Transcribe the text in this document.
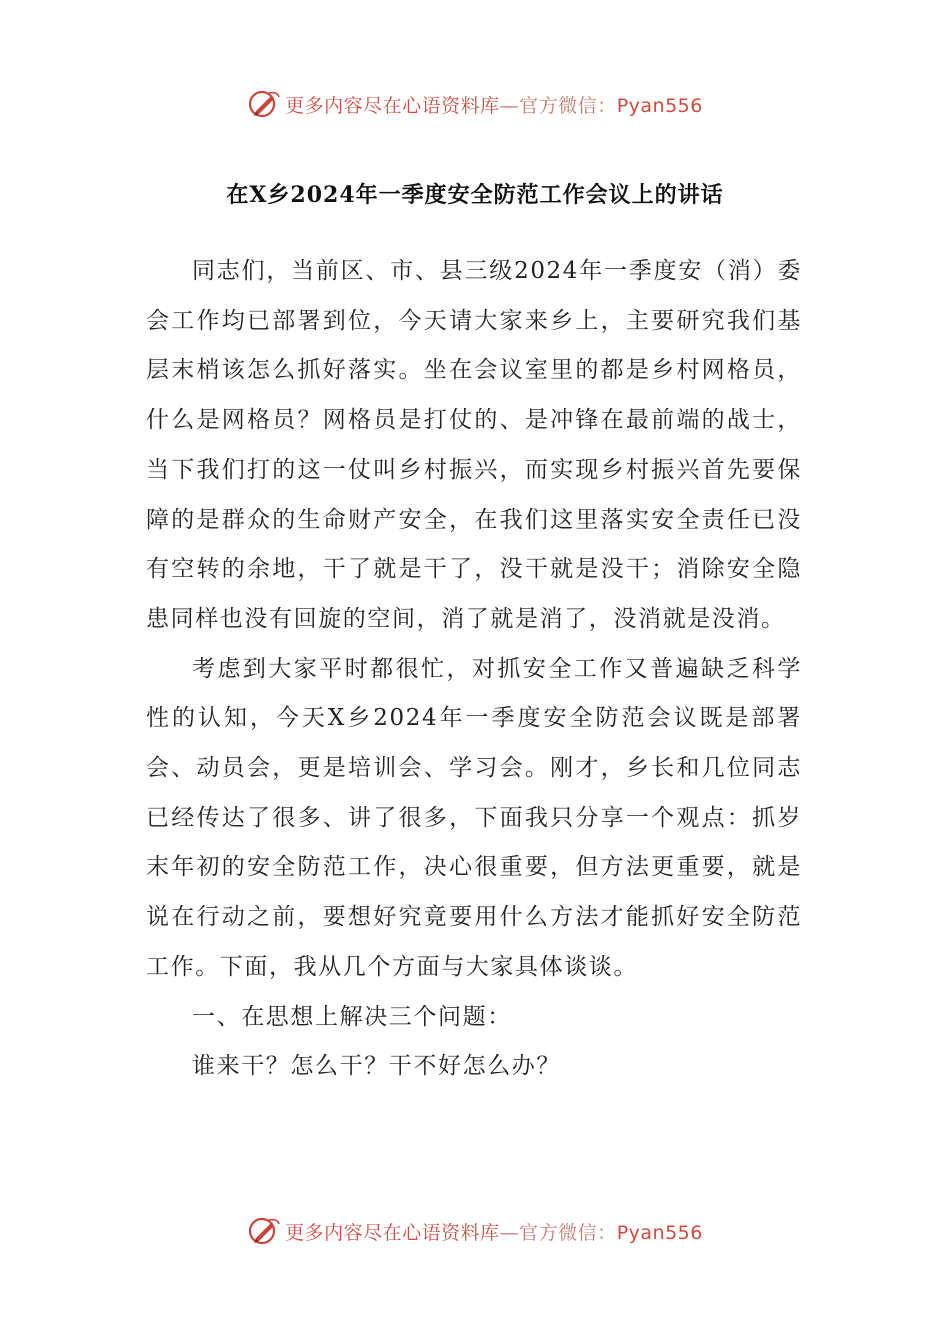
更多内容尽在心语资料库—官方微信：Pyan556
在X乡2024年一季度安全防范工作会议上的讲话

同志们，当前区、市、县三级2024年一季度安（消）委会工作均已部署到位，今天请大家来乡上，主要研究我们基层末梢该怎么抓好落实。坐在会议室里的都是乡村网格员，什么是网格员？网格员是打仗的、是冲锋在最前端的战士，当下我们打的这一仗叫乡村振兴，而实现乡村振兴首先要保障的是群众的生命财产安全，在我们这里落实安全责任已没有空转的余地，干了就是干了，没干就是没干；消除安全隐患同样也没有回旋的空间，消了就是消了，没消就是没消。

考虑到大家平时都很忙，对抓安全工作又普遍缺乏科学性的认知，今天X乡2024年一季度安全防范会议既是部署会、动员会，更是培训会、学习会。刚才，乡长和几位同志已经传达了很多、讲了很多，下面我只分享一个观点：抓岁末年初的安全防范工作，决心很重要，但方法更重要，就是说在行动之前，要想好究竟要用什么方法才能抓好安全防范工作。下面，我从几个方面与大家具体谈谈。

一、在思想上解决三个问题：

谁来干？怎么干？干不好怎么办？

更多内容尽在心语资料库—官方微信：Pyan556
